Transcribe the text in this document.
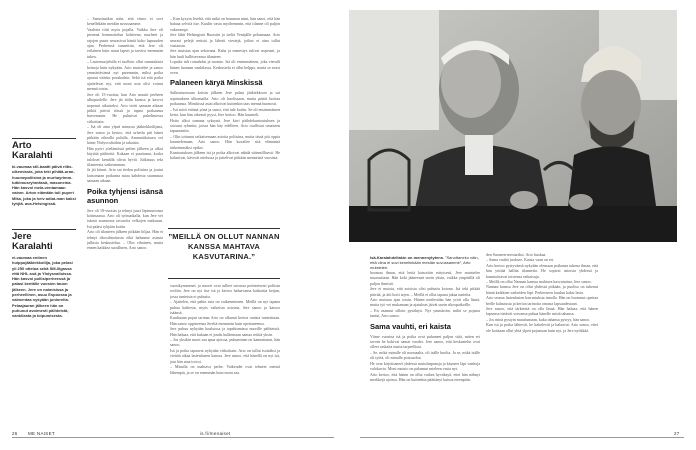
Arto
Karalahti
ki-vaumaa stil-baatti päivä riitis-ulkemissia, joka teki pihlää-uran-huumepoliisina ja murhayrimm-tutkimusryhmässä, masoneina. Hän kasvoi mela-ventamaan vainm. Arton elämään tuli puperi Mika, joka ja heiv adlat-man kaksi tyhjtä. ava-Helsingissä.
Jere
Karalahti
ei-vaumaa entinen huippujääkiekkoilija, joka pelasi yli 250 ottelua sekä SM-liigassa että NHL:ssä ja Yhdysvalloissa. Hän kasvoi poliisiperheessä ja palasi kentälle vuosien tauon jälkeen. Jere on naimisissa ja perheellinen, asuu Espoossa ja valmentaa nykyään junioreita. Pelaajauran jälkeen hän on puhunut avoimesti päihteistä, vankilasta ja toipumisesta.

– Samoinaikin näin, että viimo ei sovi kenellekään meidän suvussamme.

Vaaleita riitti myös pojalla. Vaikka Jere oli pienenä hemmottelun kohteena, murheet ja rajojen puute seurasivat häntä koko lapsuuden ajan. Perheessä tunnettiin, että Jere oli erilainen kuin muut lapset ja tarvitsi enemmän tukea.

– Lastensuojelulla ei tuolloin ollut samanlaisia keinoja kuin nykyään. Arto muistelee ja sanoo ymmärtävänsä nyt paremmin, miksi poika ajautui vääriin porukoihin. Sekä isä että poika ajattelevat nyt, että moni asia olisi voinut mennä toisin.

Jere oli 15-vuotias, kun Arto muutti perheen ulkopuolelle. Jere jäi äidin kanssa ja kasvoi nopeasti aikuiseksi. Arto vietti samaan aikaan pitkiä päiviä töissä ja tapasi poikaansa harvemmin. He puhuivat puhelimessa viikoittain.

– Isä oli aina ylpeä minusta jääkiekkoilijana, Jere sanoo ja kertoo, että urheilu piti hänet pitkään oikealla polulla. Ammattilaisura vei hänet Yhdysvaltoihin ja takaisin.

Hän pyöri yöelämässä pelien jälkeen ja alkoi käyttää päihteitä. Kukaan ei puuttunut, koska tulokset kentällä olivat hyviä. Julkisuus teki tilanteesta vaikeamman.

Ja jäi kiinni. Arto sai tiedon poliisina ja joutui katsomaan poikansa asiaa kahdesta suunnasta samaan aikaan.

Poika tyhjensi isänsä asunnon

Jere oli 18-vuotias ja tehnyt juuri läpimurtonsa kotimaassa. Arto oli työmatkalla, kun Jere vei isänsä asunnosta tavaroita velkojen maksuun. Isä palasi tyhjään kotiin.

Arto oli tilanteen jälkeen pitkään hiljaa. Hän ei tehnyt rikosilmoitusta eikä halunnut asiasta julkista keskustelua. – Olin vihainen, mutta ennen kaikkea surullinen, Arto sanoo.

– Kun kysyin Jereltä, että mikä on homman nimi, hän sanoi, että hän haluaa selvitä itse. Kuulin vasta myöhemmin, että tilanne oli paljon vakavampi.

Jere lähti Helsingistä Ruotsiin ja sieltä Venäjälle pelaamaan. Arto seurasi pelejä netistä ja lähetti viestejä, joihin ei aina tullut vastausta.

Jere muistaa ajan sekavana. Raha ja menestys tulivat nopeasti, ja hän luuli hallitsevansa tilanteen.

Lopulta tuli romahdus ja tuomio. Isä oli ensimmäinen, joka vieraili hänen luonaan vankilassa. Keskustelu ei ollut helppo, mutta se avasi oven.

Palaneen käryä Minskissä

Sulkeutuessaan kriisin jälkeen Jere palasi jääkiekkoon ja sai sopimuksen ulkomailta. Arto oli huolissaan, mutta päätti luottaa poikaansa. Minskissä asiat alkoivat kuitenkin taas mennä huonosti.

– Isä soitti eräänä yönä ja sanoi, että tule kotiin. Se oli ensimmäinen kerta, kun hän oikeasti pyysi, Jere kertoo. Hän kuunteli.

Hoito alkoi samana syksynä. Jere kävi päihdekuntoutuksen ja sitoutui ryhmiin, joissa hän käy edelleen. Arto osallistui omaisten tapaamisiin.

– Olin tottunut ratkaisemaan asioita poliisina, mutta tässä piti oppia kuuntelemaan, Arto sanoo. Hän kuvailee sitä elämänsä tärkeimmäksi opiksi.

Kuntoutuksen jälkeen isä ja poika alkoivat nähdä säännöllisesti. He kalastivat, kävivät ottelussa ja juttelivat pitkään menneistä vuosista.

”MEILLÄ ON OLLUT NANNAN KANSSA MAHTAVA KASVUTARINA.”

vuosikymmenet, ja nuoret ovat tulleet suvussa perinteisesti poliisin rooliin. Jere on nyt itse isä ja kertoo haluavansa katkaista ketjun, jossa tunteista ei puhuttu.

– Ajattelen, että pahin asia on vaikeneminen. Meillä on nyt tapana puhua kaikesta, myös vaikeista asioista, Jere sanoo ja katsoo isäänsä.

Kuultuaan pojan tarinan Arto on alkanut kertoa omista tunteistaan. Hän sanoo oppineensa Jereltä enemmän kuin opettaneensa.

Jere puhuu nykyään kouluissa ja tapahtumissa nuorille päihteistä. Hän haluaa, että kukaan ei joudu kulkemaan samaa reittiä yksin.

– Jos yksikin nuori saa apua ajoissa, puhuminen on kannattanut, hän sanoo.

Isä ja poika tapaavat nykyään viikoittain. Arto on tullut isoisäksi ja viettää aikaa lastenlasten kanssa. Jere sanoo, että hänellä on nyt isä, jota hän aina toivoi.

– Minulla on mahtava perhe. Vaikeudet ovat tehneet meistä lähempiä, ja se on enemmän kuin moni saa.

26 ME NAISET	is.fi/menaiset
Isä-Karalahdellakin on mennenytytens. ”Sanottaneko näin, että viina ei sovi kenellekään meidän suvussamme”, Arto muistelee.

hoomaa ilman, että heitä katsottiin erityisesti, Jere muistelee nuoruuttaan. Hän koki jääneensä usein yksin, vaikka ympärillä oli paljon ihmisiä.

Jere ei muista, että asioista olisi puhuttu kotona. Isä teki pitkää päivää, ja äiti hoiti arjen. – Meillä ei ollut tapana jakaa tunteita.

Arto muistaa ajan toisin. Hänen mielestään hän yritti olla läsnä, mutta työ vei mukanaan ja ajatukset jäivät usein rikospaikoille.

– En osannut silloin pysähtyä. Nyt ymmärrän, miltä se pojasta tuntui, Arto sanoo.

Sama vauhti, eri kaista

Viime vuosina isä ja poika ovat puhuneet paljon siitä, miten eri tavoin he kokivat samat vuodet. Jere sanoo, että keskustelut ovat olleet raskaita mutta tarpeellisia.

– Se, mikä minulle oli normaalia, oli isälle huolta. Ja se, mikä isälle oli työtä, oli minulle poissaoloa.

He ovat kirjoittaneet yhdessä muistiinpanoja ja käyneet läpi vanhoja valokuvia. Moni muisto on palannut mieleen vasta nyt.

Arto kertoo, että hänen on ollut vaikea hyväksyä, ettei hän nähnyt merkkejä ajoissa. Hän on kuitenkin päättänyt katsoa eteenpäin.

den Suomen-mestariksi. Arto huokaa.

– Sama vauhti juoksee. Kaista vaan on eri.

Arto kertoo pystyvänsä nykyään olemaan poikansa tukena ilman, että hän yrittää hallita tilannetta. He sopivat asioista yhdessä ja kunnioittavat toistensa ratkaisuja.

– Meillä on ollut Nannan kanssa mahtava kasvutarina, Jere sanoo.

Nannan kanssa Jere on ollut yhdessä pitkään, ja puoliso on tukenut häntä kaikkien vaiheiden läpi. Perheeseen kuuluu kaksi lasta.

Arto seuraa lastenlasten harrastuksia innolla. Hän on luvannut opettaa heille kalastusta ja kertoa tarinoita omasta lapsuudestaan.

Jere sanoo, että tärkeintä on olla läsnä. Hän haluaa, että hänen lapsensa tietävät voivansa puhua hänelle mistä tahansa.

– Jos minä pystyin muuttumaan, kuka tahansa pystyy, hän sanoo.

Kun isä ja poika lähtevät, he kättelevät ja halaavat. Arto sanoo, ettei ole koskaan ollut yhtä ylpeä pojastaan kuin nyt, ja Jere nyökkää.

27
